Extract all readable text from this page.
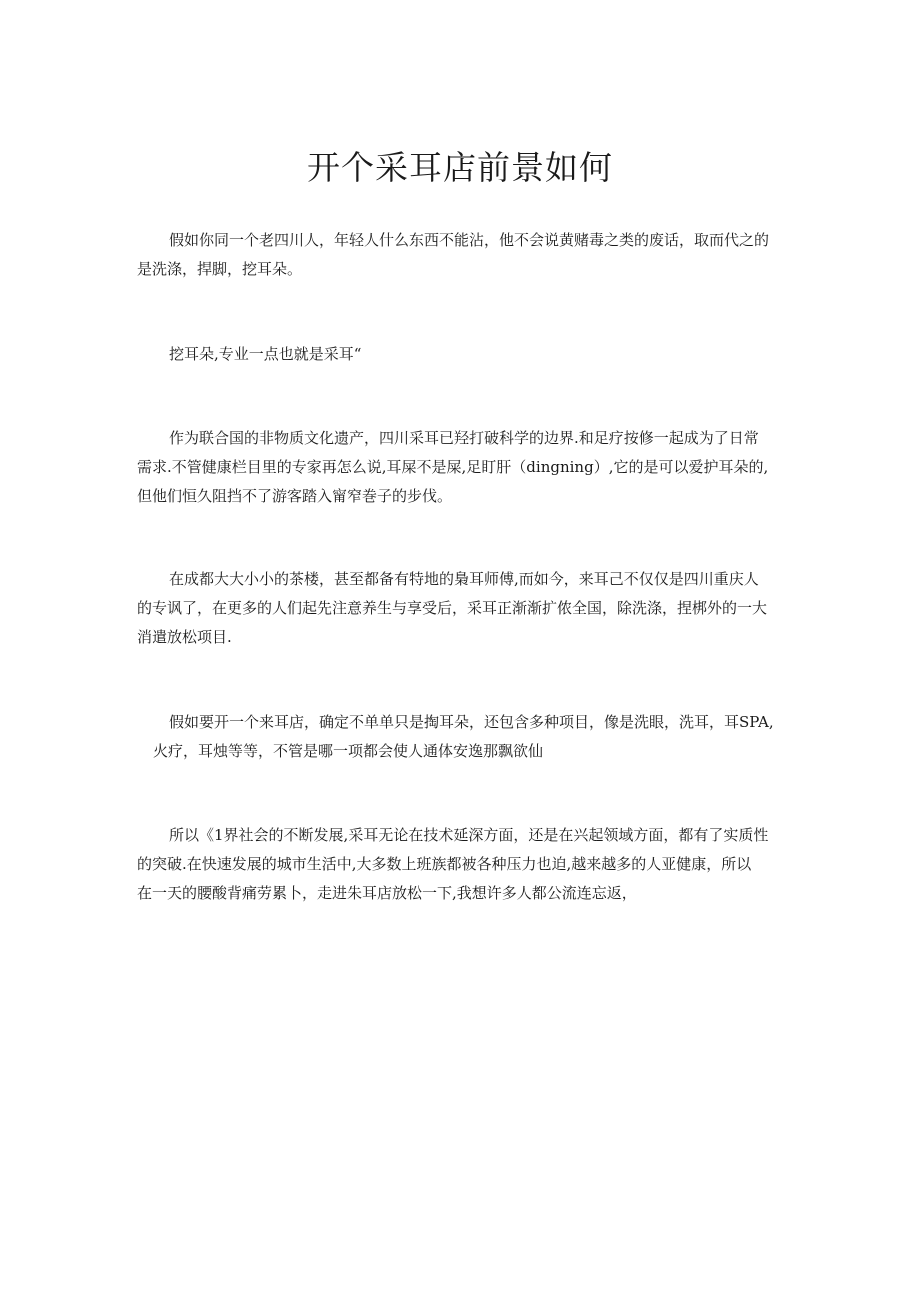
开个采耳店前景如何

假如你同一个老四川人，年轻人什么东西不能沾，他不会说黄赌毒之类的废话，取而代之的
是洗涤，捍脚，挖耳朵。

挖耳朵,专业一点也就是采耳“

作为联合国的非物质文化遗产，四川采耳已羟打破科学的边界.和足疗按修一起成为了日常
需求.不管健康栏目里的专家再怎么说,耳屎不是屎,足盯肝（dingning）,它的是可以爱护耳朵的,
但他们恒久阻挡不了游客踏入甯窄巻子的步伐。

在成都大大小小的茶楼，甚至都备有特地的梟耳师傅,而如今，来耳己不仅仅是四川重庆人
的专讽了，在更多的人们起先注意养生与享受后，采耳正渐渐扩侬全国，除洗涤，捏梆外的一大
消遣放松项目.

假如要开一个来耳店，确定不单单只是掏耳朵，还包含多种项目，像是洗眼，洗耳，耳SPA,
火疗，耳烛等等，不管是哪一项都会使人通体安逸那飘欲仙

所以《1界社会的不断发展,采耳无论在技术延深方面，还是在兴起领域方面，都有了实质性
的突破.在快速发展的城市生活中,大多数上班族都被各种压力也迫,越来越多的人亚健康，所以
在一天的腰酸背痛劳累卜，走进朱耳店放松一下,我想许多人都公流连忘返，
